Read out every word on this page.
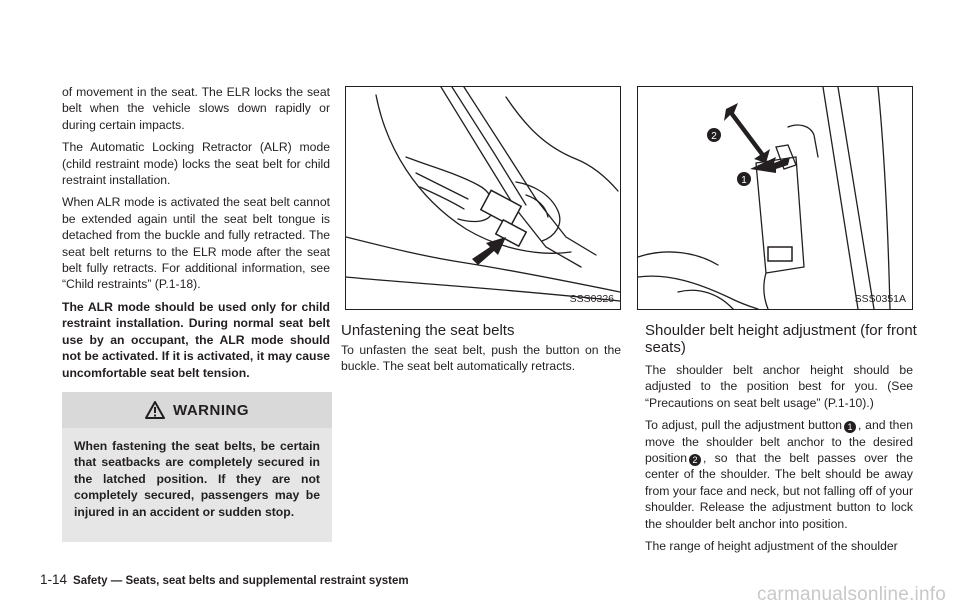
of movement in the seat. The ELR locks the seat belt when the vehicle slows down rapidly or during certain impacts.

The Automatic Locking Retractor (ALR) mode (child restraint mode) locks the seat belt for child restraint installation.

When ALR mode is activated the seat belt cannot be extended again until the seat belt tongue is detached from the buckle and fully retracted. The seat belt returns to the ELR mode after the seat belt fully retracts. For additional information, see “Child restraints” (P.1-18).

The ALR mode should be used only for child restraint installation. During normal seat belt use by an occupant, the ALR mode should not be activated. If it is activated, it may cause uncomfortable seat belt tension.

WARNING

When fastening the seat belts, be certain that seatbacks are completely secured in the latched position. If they are not completely secured, passengers may be injured in an accident or sudden stop.

SSS0326
2
1
SSS0351A
Unfastening the seat belts

To unfasten the seat belt, push the button on the buckle. The seat belt automatically retracts.

Shoulder belt height adjustment (for front seats)

The shoulder belt anchor height should be adjusted to the position best for you. (See “Precautions on seat belt usage” (P.1-10).)

To adjust, pull the adjustment button 1 , and then move the shoulder belt anchor to the desired position 2 , so that the belt passes over the center of the shoulder. The belt should be away from your face and neck, but not falling off of your shoulder. Release the adjustment button to lock the shoulder belt anchor into position.

The range of height adjustment of the shoulder

1-14 Safety — Seats, seat belts and supplemental restraint system
carmanualsonline.info
